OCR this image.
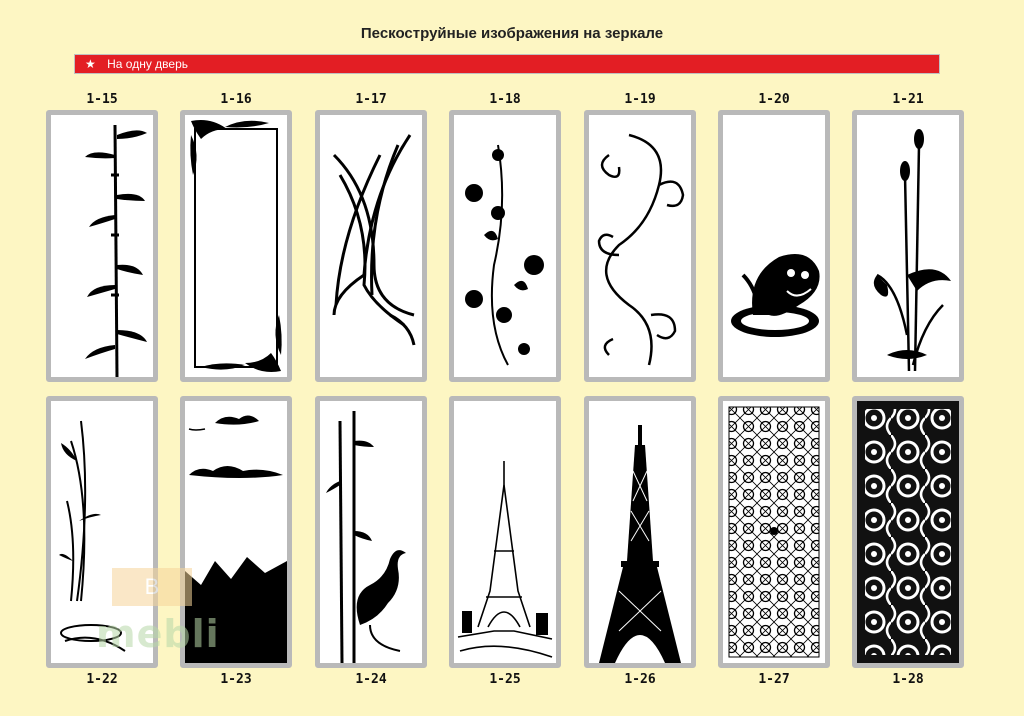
Пескоструйные изображения на зеркале
★ На одну дверь
1-15	1-16	1-17	1-18	1-19	1-20	1-21
1-22	1-23	1-24	1-25	1-26	1-27	1-28
B
mebli
